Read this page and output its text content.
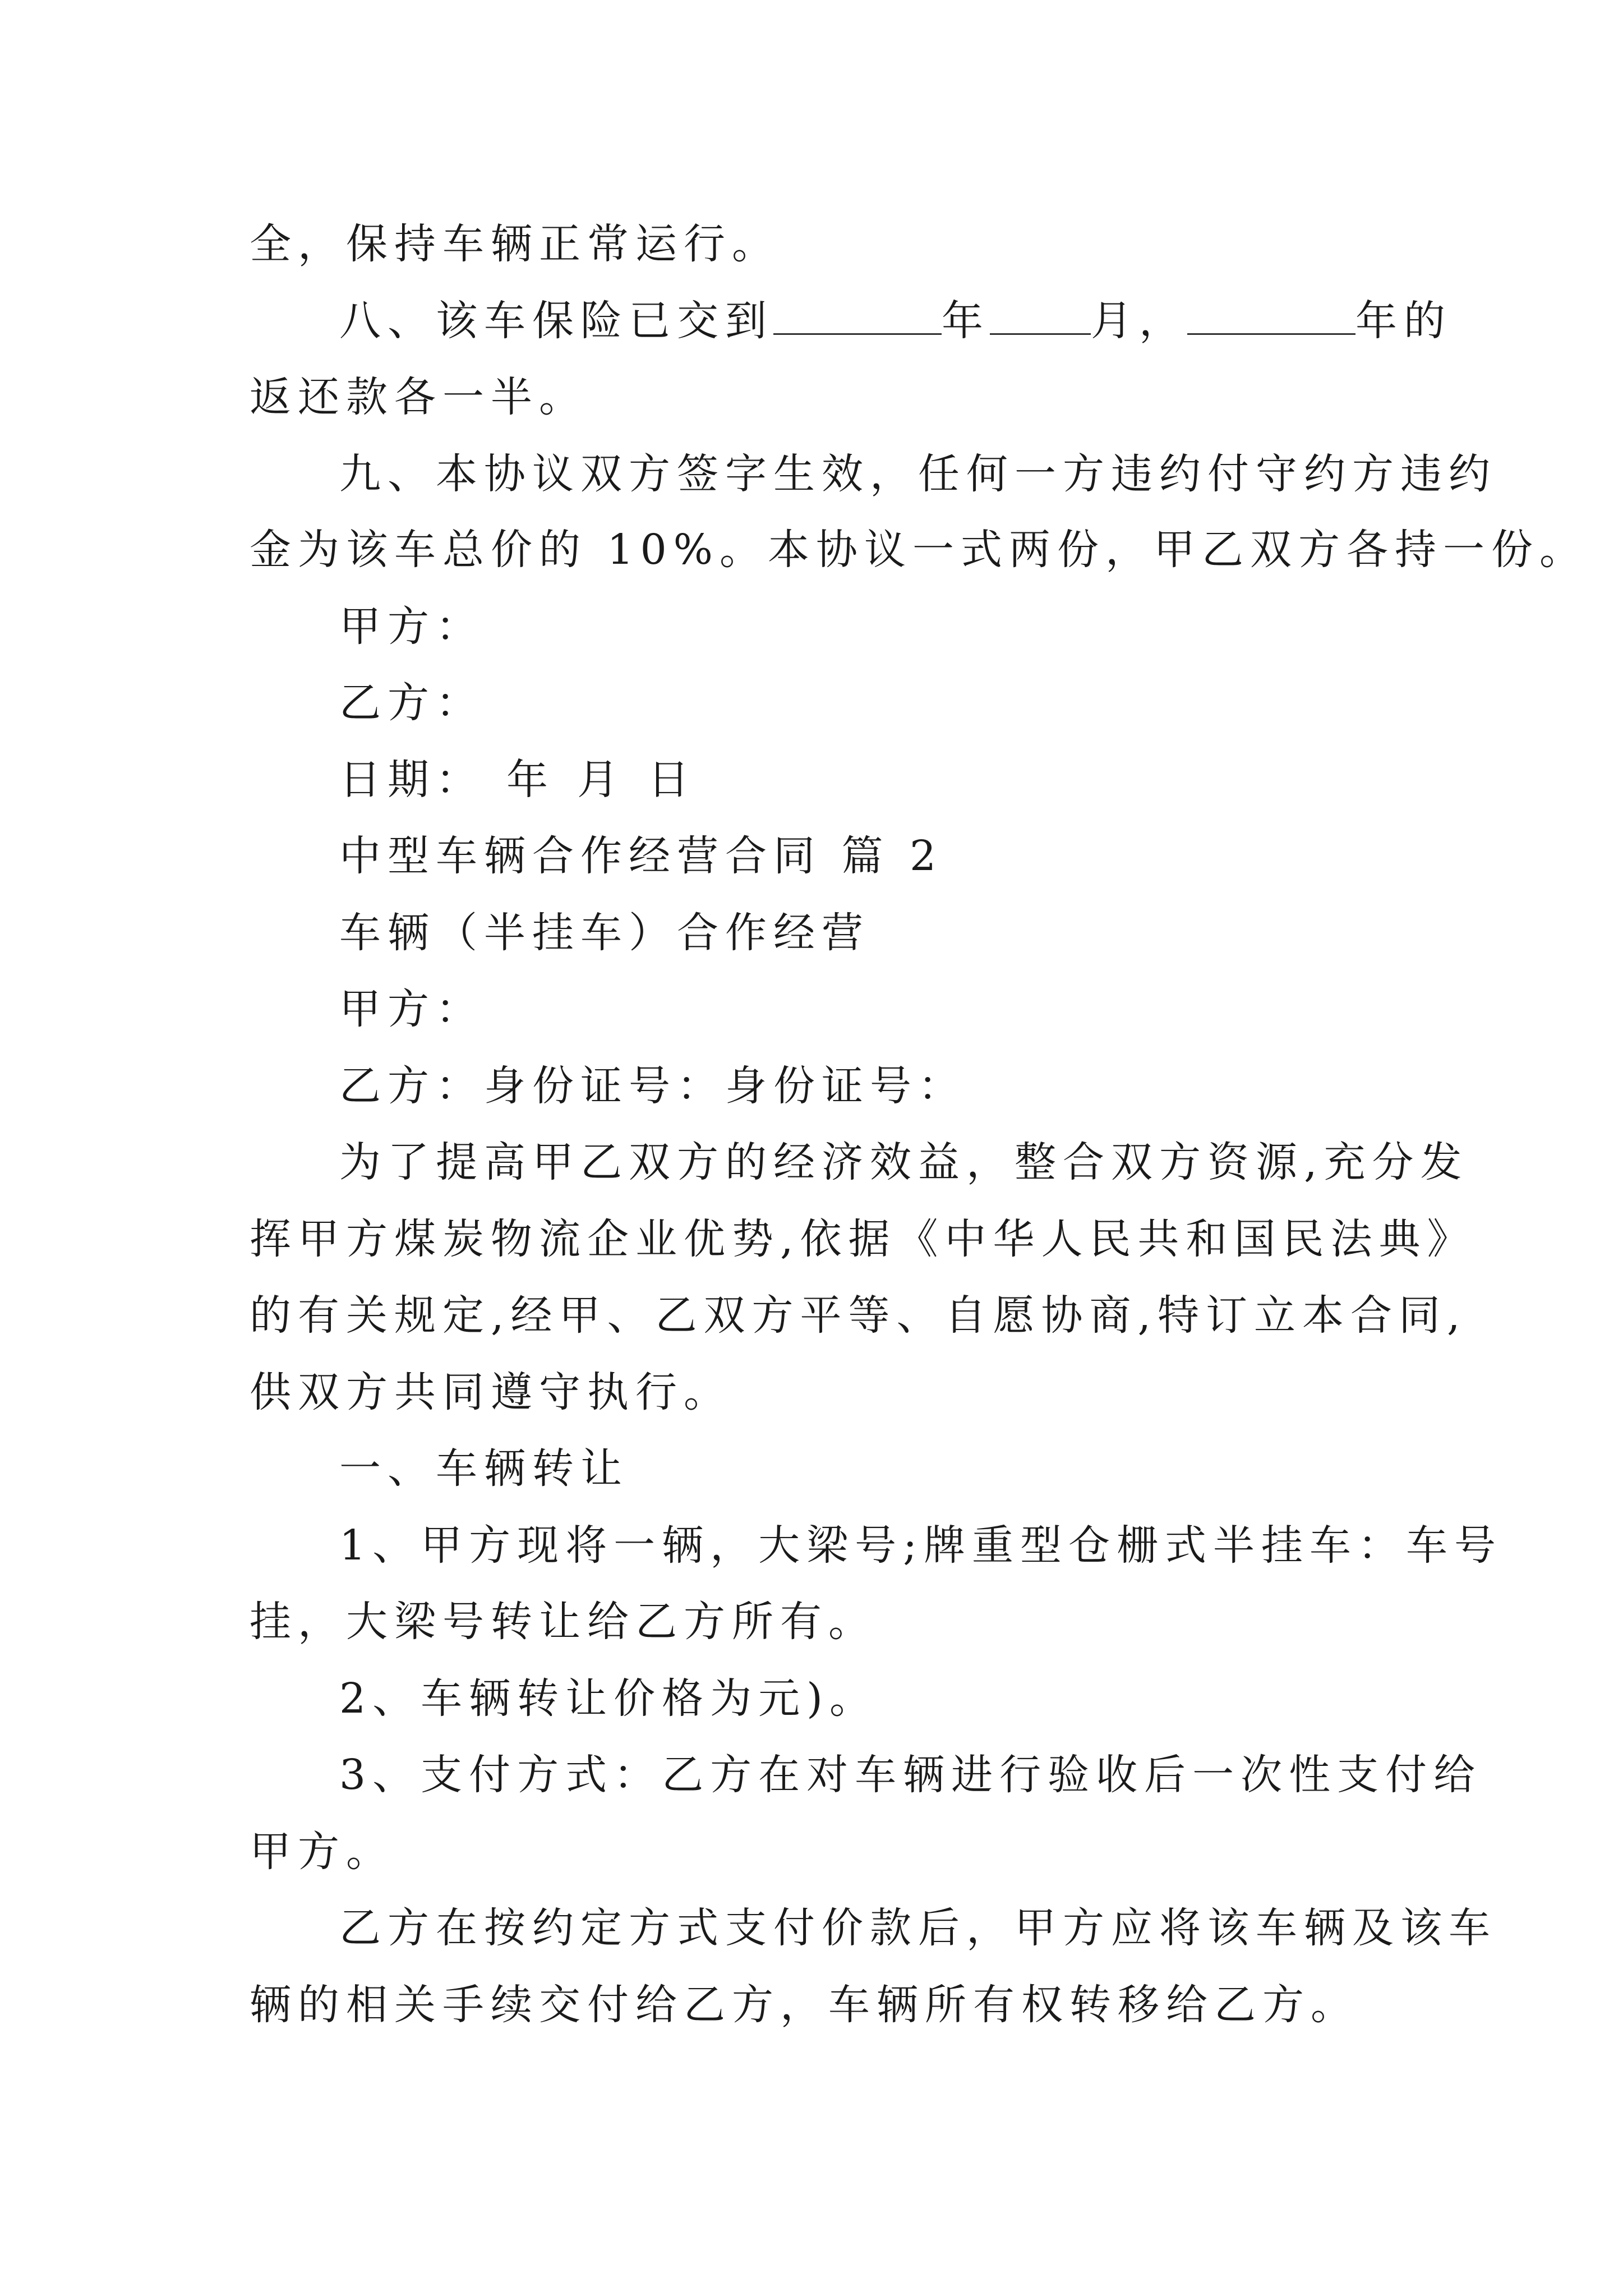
全，保持车辆正常运行。
八、该车保险已交到	年 月，	年的
返还款各一半。
九、本协议双方签字生效，任何一方违约付守约方违约
金为该车总价的 10%。本协议一式两份，甲乙双方各持一份。
甲方：
乙方：
日期： 年 月 日
中型车辆合作经营合同 篇 2
车辆（半挂车）合作经营
甲方：
乙方：身份证号：身份证号：
为了提高甲乙双方的经济效益，整合双方资源,充分发
挥甲方煤炭物流企业优势,依据《中华人民共和国民法典》
的有关规定,经甲、乙双方平等、自愿协商,特订立本合同,
供双方共同遵守执行。
一、车辆转让
1、甲方现将一辆，大梁号;牌重型仓栅式半挂车：车号
挂，大梁号转让给乙方所有。
2、车辆转让价格为元)。
3、支付方式：乙方在对车辆进行验收后一次性支付给
甲方。
乙方在按约定方式支付价款后，甲方应将该车辆及该车
辆的相关手续交付给乙方，车辆所有权转移给乙方。
